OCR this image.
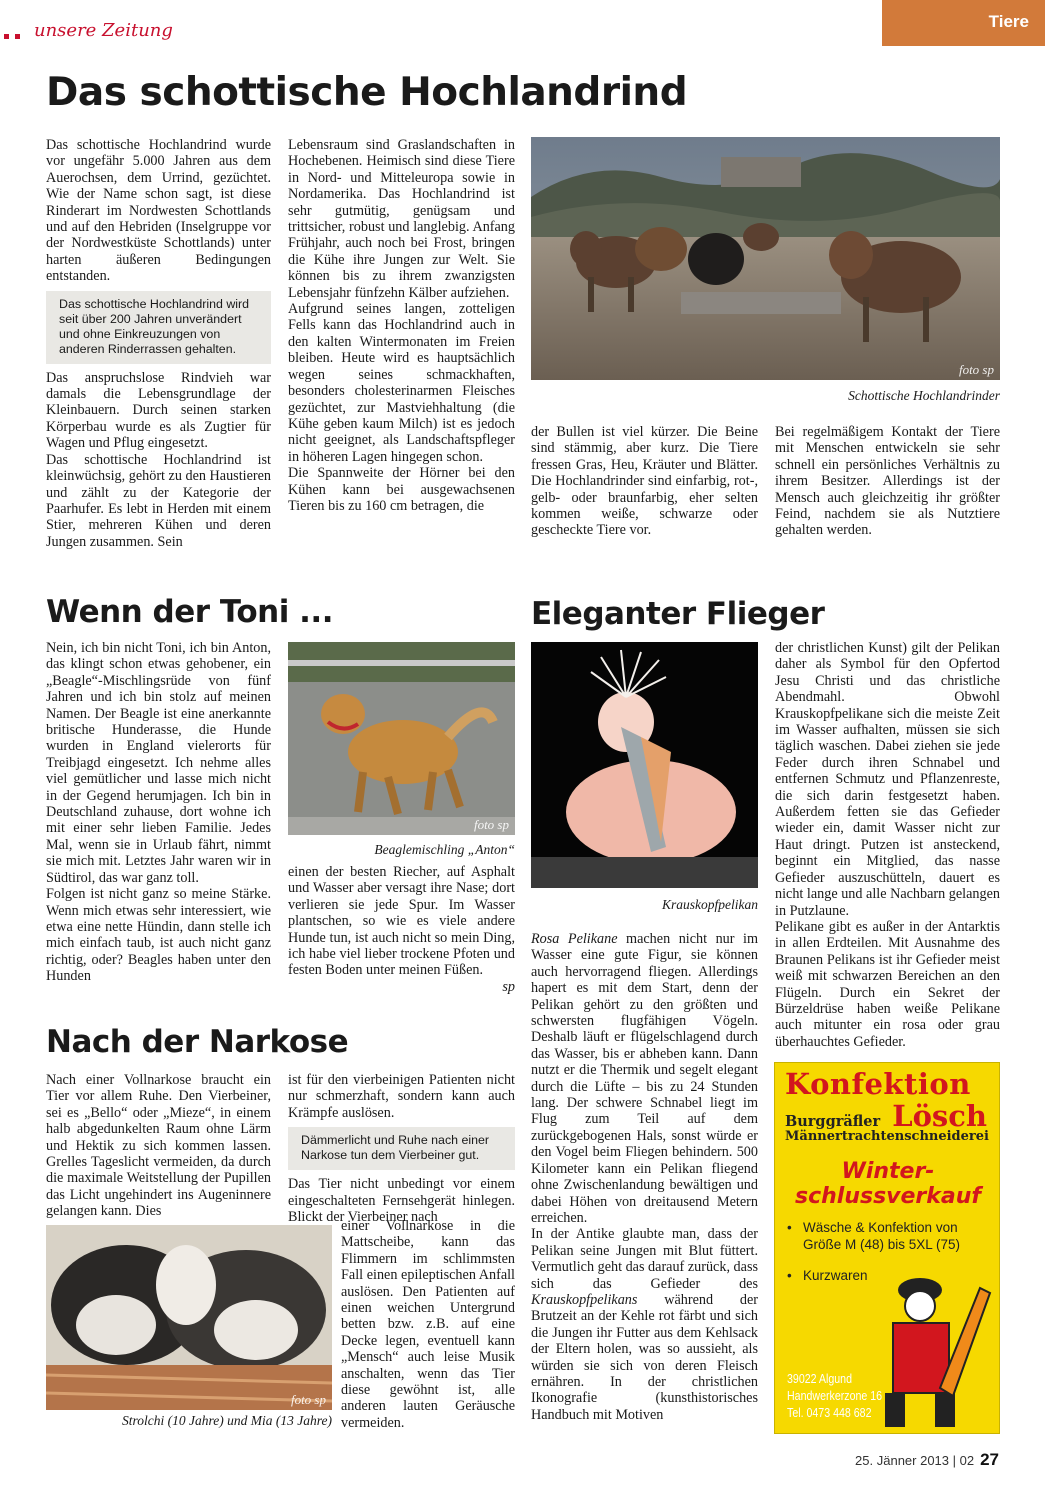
unsere Zeitung	Tiere
Das schottische Hochlandrind

Das schottische Hochlandrind wurde vor ungefähr 5.000 Jahren aus dem Auerochsen, dem Urrind, gezüchtet. Wie der Name schon sagt, ist diese Rinderart im Nordwesten Schottlands und auf den Hebriden (Inselgruppe vor der Nordwestküste Schottlands) unter harten äußeren Bedingungen entstanden.

Das schottische Hochlandrind wird seit über 200 Jahren unverändert und ohne Einkreuzungen von anderen Rinderrassen gehalten.

Das anspruchslose Rindvieh war damals die Lebensgrundlage der Kleinbauern. Durch seinen starken Körperbau wurde es als Zugtier für Wagen und Pflug eingesetzt.

Das schottische Hochlandrind ist kleinwüchsig, gehört zu den Haustieren und zählt zu der Kategorie der Paarhufer. Es lebt in Herden mit einem Stier, mehreren Kühen und deren Jungen zusammen. Sein

Lebensraum sind Graslandschaften in Hochebenen. Heimisch sind diese Tiere in Nord- und Mitteleuropa sowie in Nordamerika. Das Hochlandrind ist sehr gutmütig, genügsam und trittsicher, robust und langlebig. Anfang Frühjahr, auch noch bei Frost, bringen die Kühe ihre Jungen zur Welt. Sie können bis zu ihrem zwanzigsten Lebensjahr fünfzehn Kälber aufziehen.

Aufgrund seines langen, zotteligen Fells kann das Hochlandrind auch in den kalten Wintermonaten im Freien bleiben. Heute wird es hauptsächlich wegen seines schmackhaften, besonders cholesterinarmen Fleisches gezüchtet, zur Mastviehhaltung (die Kühe geben kaum Milch) ist es jedoch nicht geeignet, als Landschaftspfleger in höheren Lagen hingegen schon.

Die Spannweite der Hörner bei den Kühen kann bei ausgewachsenen Tieren bis zu 160 cm betragen, die

foto sp
Schottische Hochlandrinder

der Bullen ist viel kürzer. Die Beine sind stämmig, aber kurz. Die Tiere fressen Gras, Heu, Kräuter und Blätter. Die Hochlandrinder sind einfarbig, rot-, gelb- oder braunfarbig, eher selten kommen weiße, schwarze oder gescheckte Tiere vor.

Bei regelmäßigem Kontakt der Tiere mit Menschen entwickeln sie sehr schnell ein persönliches Verhältnis zu ihrem Besitzer. Allerdings ist der Mensch auch gleichzeitig ihr größter Feind, nachdem sie als Nutztiere gehalten werden.

Wenn der Toni ...

Nein, ich bin nicht Toni, ich bin Anton, das klingt schon etwas gehobener, ein „Beagle“-Mischlingsrüde von fünf Jahren und ich bin stolz auf meinen Namen. Der Beagle ist eine anerkannte britische Hunderasse, die Hunde wurden in England vielerorts für Treibjagd eingesetzt. Ich nehme alles viel gemütlicher und lasse mich nicht in der Gegend herumjagen. Ich bin in Deutschland zuhause, dort wohne ich mit einer sehr lieben Familie. Jedes Mal, wenn sie in Urlaub fährt, nimmt sie mich mit. Letztes Jahr waren wir in Südtirol, das war ganz toll.

Folgen ist nicht ganz so meine Stärke. Wenn mich etwas sehr interessiert, wie etwa eine nette Hündin, dann stelle ich mich einfach taub, ist auch nicht ganz richtig, oder? Beagles haben unter den Hunden

foto sp
Beaglemischling „Anton“

einen der besten Riecher, auf Asphalt und Wasser aber versagt ihre Nase; dort verlieren sie jede Spur. Im Wasser plantschen, so wie es viele andere Hunde tun, ist auch nicht so mein Ding, ich habe viel lieber trockene Pfoten und festen Boden unter meinen Füßen.

sp

Nach der Narkose

Nach einer Vollnarkose braucht ein Tier vor allem Ruhe. Den Vierbeiner, sei es „Bello“ oder „Mieze“, in einem halb abgedunkelten Raum ohne Lärm und Hektik zu sich kommen lassen. Grelles Tageslicht vermeiden, da durch die maximale Weitstellung der Pupillen das Licht ungehindert ins Augeninnere gelangen kann. Dies

ist für den vierbeinigen Patienten nicht nur schmerzhaft, sondern kann auch Krämpfe auslösen.

Dämmerlicht und Ruhe nach einer Narkose tun dem Vierbeiner gut.

Das Tier nicht unbedingt vor einem eingeschalteten Fernsehgerät hinlegen. Blickt der Vierbeiner nach

einer Vollnarkose in die Mattscheibe, kann das Flimmern im schlimmsten Fall einen epileptischen Anfall auslösen. Den Patienten auf einen weichen Untergrund betten bzw. z.B. auf eine Decke legen, eventuell kann „Mensch“ auch leise Musik anschalten, wenn das Tier diese gewöhnt ist, alle anderen lauten Geräusche vermeiden.

foto sp
Strolchi (10 Jahre) und Mia (13 Jahre)
Eleganter Flieger
Krauskopfpelikan

Rosa Pelikane machen nicht nur im Wasser eine gute Figur, sie können auch hervorragend fliegen. Allerdings hapert es mit dem Start, denn der Pelikan gehört zu den größten und schwersten flugfähigen Vögeln. Deshalb läuft er flügelschlagend durch das Wasser, bis er abheben kann. Dann nutzt er die Thermik und segelt elegant durch die Lüfte – bis zu 24 Stunden lang. Der schwere Schnabel liegt im Flug zum Teil auf dem zurückgebogenen Hals, sonst würde er den Vogel beim Fliegen behindern. 500 Kilometer kann ein Pelikan fliegend ohne Zwischenlandung bewältigen und dabei Höhen von dreitausend Metern erreichen.

In der Antike glaubte man, dass der Pelikan seine Jungen mit Blut füttert. Vermutlich geht das darauf zurück, dass sich das Gefieder des Krauskopfpelikans während der Brutzeit an der Kehle rot färbt und sich die Jungen ihr Futter aus dem Kehlsack der Eltern holen, was so aussieht, als würden sie sich von deren Fleisch ernähren. In der christlichen Ikonografie (kunsthistorisches Handbuch mit Motiven

der christlichen Kunst) gilt der Pelikan daher als Symbol für den Opfertod Jesu Christi und das christliche Abendmahl. Obwohl Krauskopfpelikane sich die meiste Zeit im Wasser aufhalten, müssen sie sich täglich waschen. Dabei ziehen sie jede Feder durch ihren Schnabel und entfernen Schmutz und Pflanzenreste, die sich darin festgesetzt haben. Außerdem fetten sie das Gefieder wieder ein, damit Wasser nicht zur Haut dringt. Putzen ist ansteckend, beginnt ein Mitglied, das nasse Gefieder auszuschütteln, dauert es nicht lange und alle Nachbarn gelangen in Putzlaune.

Pelikane gibt es außer in der Antarktis in allen Erdteilen. Mit Ausnahme des Braunen Pelikans ist ihr Gefieder meist weiß mit schwarzen Bereichen an den Flügeln. Durch ein Sekret der Bürzeldrüse haben weiße Pelikane auch mitunter ein rosa oder grau überhauchtes Gefieder.

Konfektion
Burggräfler Lösch
Männertrachtenschneiderei
Winter-
schlussverkauf
• Wäsche & Konfektion von Größe M (48) bis 5XL (75)
• Kurzwaren
39022 Algund
Handwerkerzone 16
Tel. 0473 448 682
25. Jänner 2013 | 02 27
